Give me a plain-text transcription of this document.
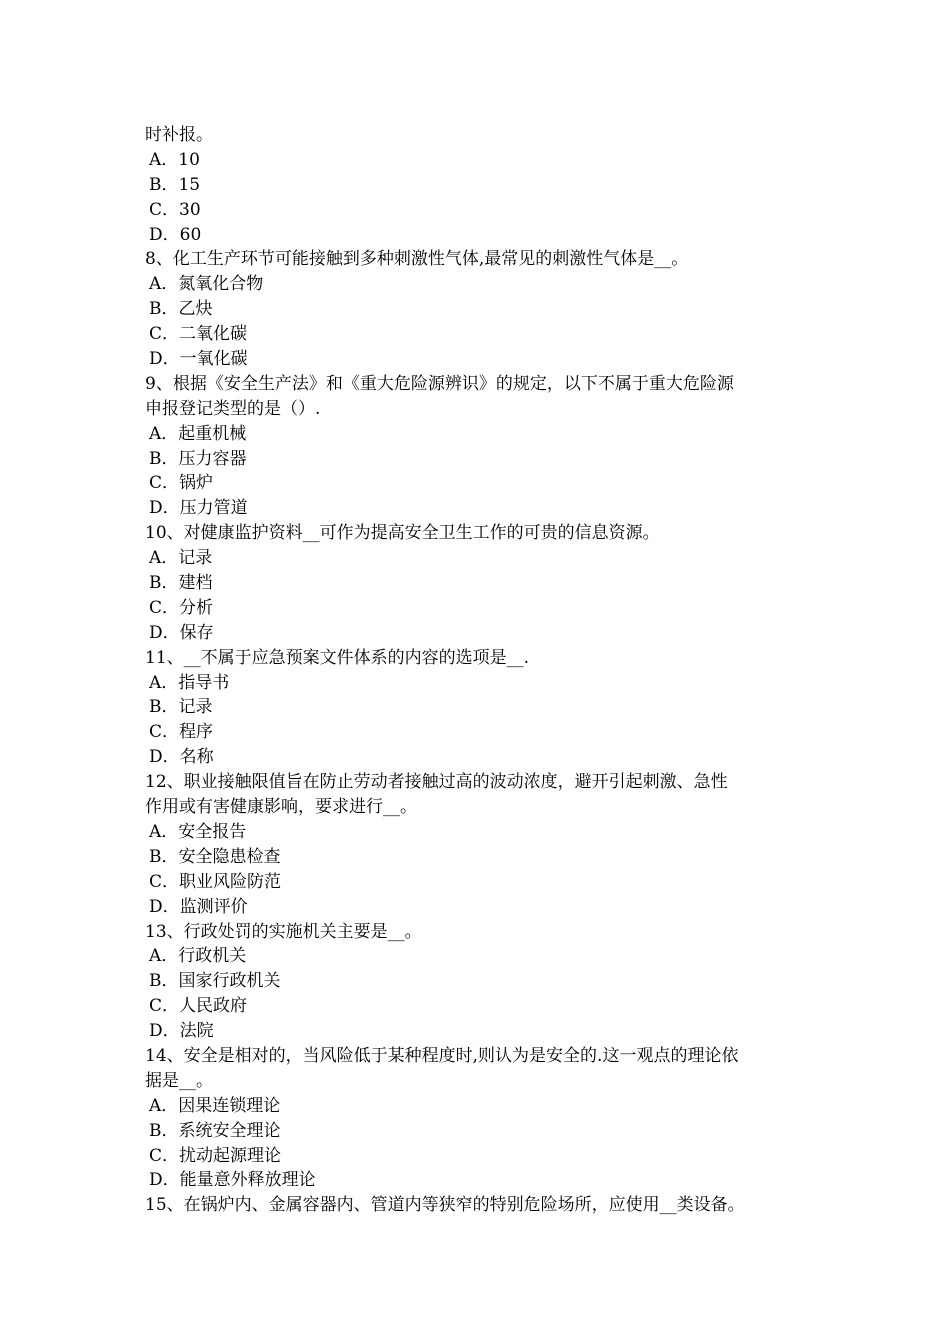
时补报。
A．10
B．15
C．30
D．60
8、化工生产环节可能接触到多种刺激性气体,最常见的刺激性气体是__。
A．氮氧化合物
B．乙炔
C．二氧化碳
D．一氧化碳
9、根据《安全生产法》和《重大危险源辨识》的规定，以下不属于重大危险源
申报登记类型的是（）.
A．起重机械
B．压力容器
C．锅炉
D．压力管道
10、对健康监护资料__可作为提高安全卫生工作的可贵的信息资源。
A．记录
B．建档
C．分析
D．保存
11、__不属于应急预案文件体系的内容的选项是__.
A．指导书
B．记录
C．程序
D．名称
12、职业接触限值旨在防止劳动者接触过高的波动浓度，避开引起刺激、急性
作用或有害健康影响，要求进行__。
A．安全报告
B．安全隐患检查
C．职业风险防范
D．监测评价
13、行政处罚的实施机关主要是__。
A．行政机关
B．国家行政机关
C．人民政府
D．法院
14、安全是相对的，当风险低于某种程度时,则认为是安全的.这一观点的理论依
据是__。
A．因果连锁理论
B．系统安全理论
C．扰动起源理论
D．能量意外释放理论
15、在锅炉内、金属容器内、管道内等狭窄的特别危险场所，应使用__类设备。
